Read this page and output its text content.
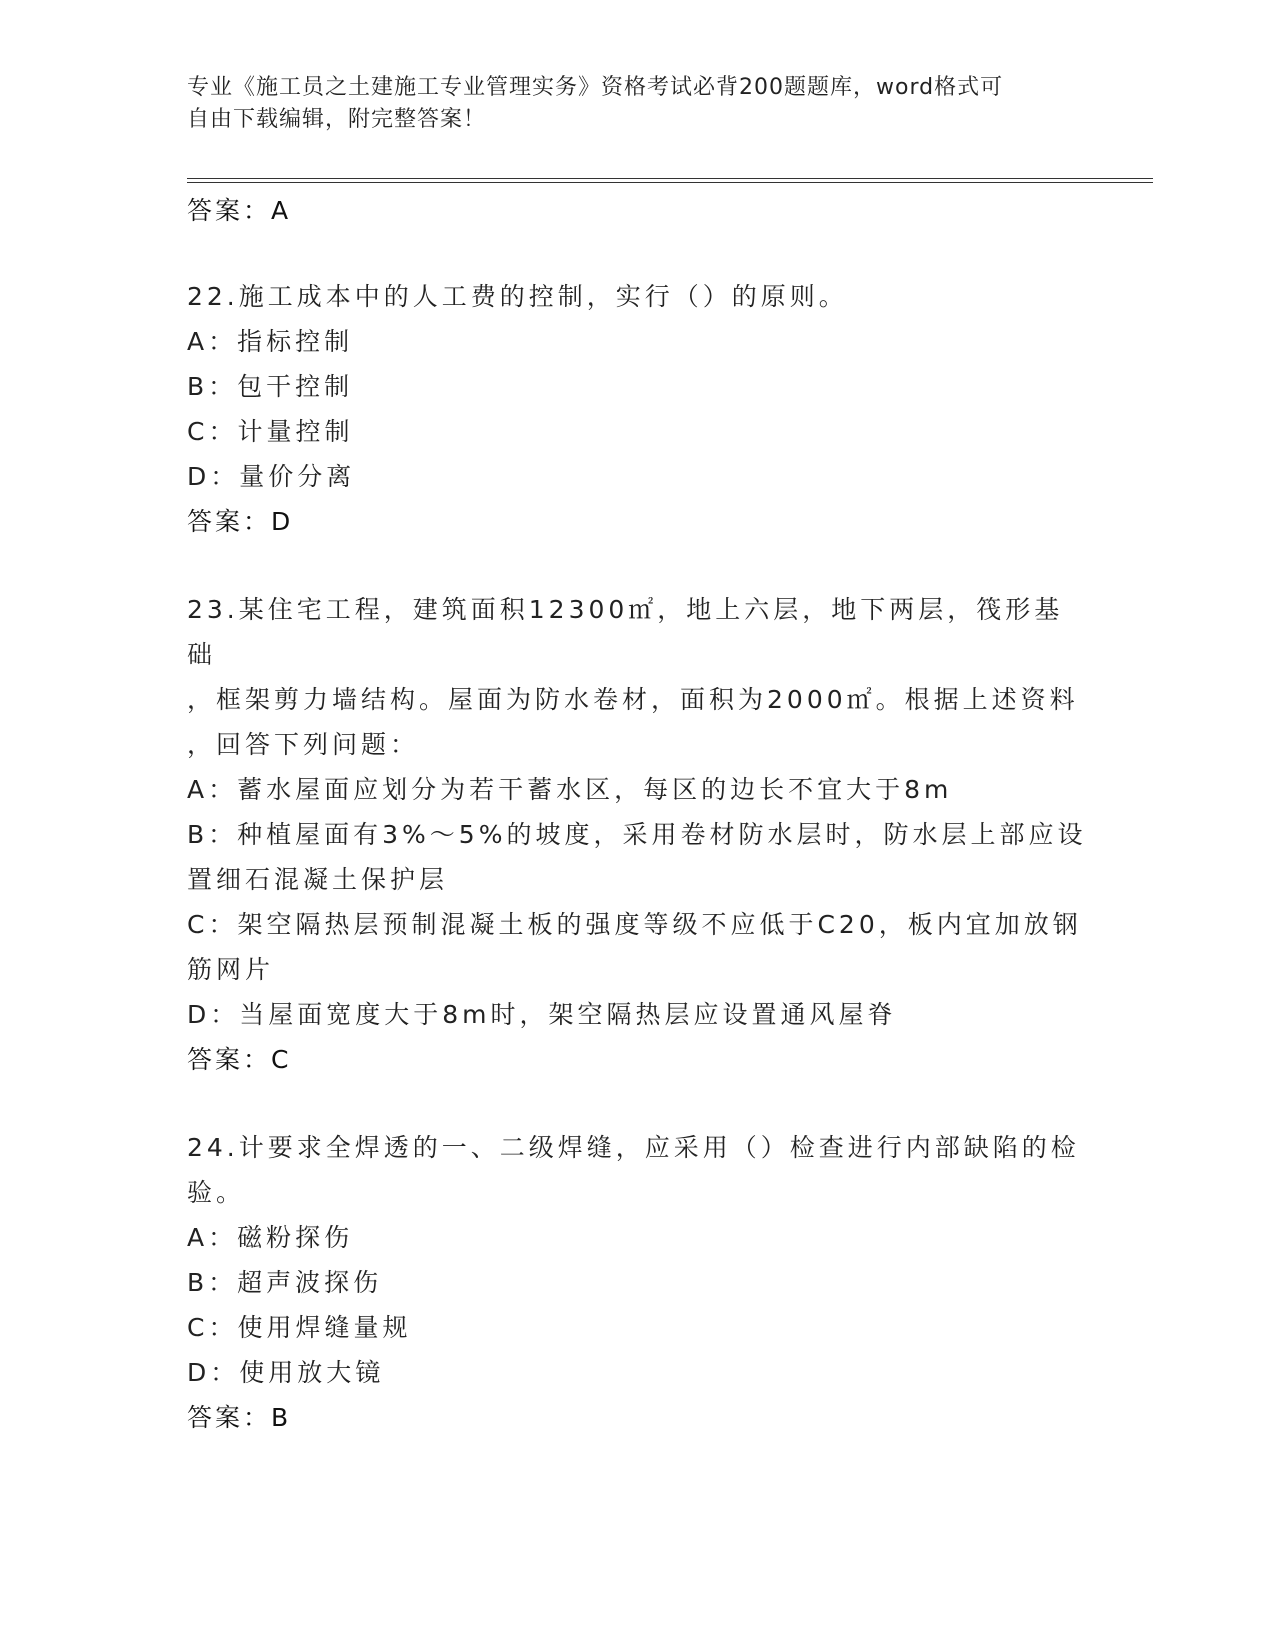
专业《施工员之土建施工专业管理实务》资格考试必背200题题库，word格式可
自由下载编辑，附完整答案！
答案：A
22.施工成本中的人工费的控制，实行（）的原则。
A：指标控制
B：包干控制
C：计量控制
D：量价分离
答案：D
23.某住宅工程，建筑面积12300㎡，地上六层，地下两层，筏形基础
，框架剪力墙结构。屋面为防水卷材，面积为2000㎡。根据上述资料
，回答下列问题：
A：蓄水屋面应划分为若干蓄水区，每区的边长不宜大于8m
B：种植屋面有3%～5%的坡度，采用卷材防水层时，防水层上部应设
置细石混凝土保护层
C：架空隔热层预制混凝土板的强度等级不应低于C20，板内宜加放钢
筋网片
D：当屋面宽度大于8m时，架空隔热层应设置通风屋脊
答案：C
24.计要求全焊透的一、二级焊缝，应采用（）检查进行内部缺陷的检
验。
A：磁粉探伤
B：超声波探伤
C：使用焊缝量规
D：使用放大镜
答案：B
